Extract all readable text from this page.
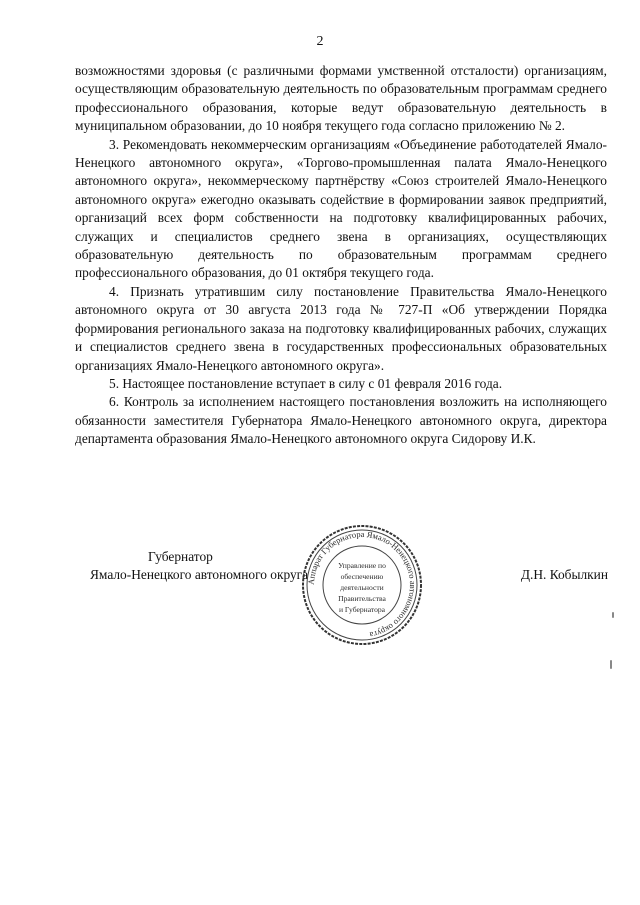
2

возможностями здоровья (с различными формами умственной отсталости) организациям, осуществляющим образовательную деятельность по образовательным программам среднего профессионального образования, которые ведут образовательную деятельность в муниципальном образовании, до 10 ноября текущего года согласно приложению № 2.

3. Рекомендовать некоммерческим организациям «Объединение работодателей Ямало-Ненецкого автономного округа», «Торгово-промышленная палата Ямало-Ненецкого автономного округа», некоммерческому партнёрству «Союз строителей Ямало-Ненецкого автономного округа» ежегодно оказывать содействие в формировании заявок предприятий, организаций всех форм собственности на подготовку квалифицированных рабочих, служащих и специалистов среднего звена в организациях, осуществляющих образовательную деятельность по образовательным программам среднего профессионального образования, до 01 октября текущего года.

4. Признать утратившим силу постановление Правительства Ямало-Ненецкого автономного округа от 30 августа 2013 года № 727-П «Об утверждении Порядка формирования регионального заказа на подготовку квалифицированных рабочих, служащих и специалистов среднего звена в государственных профессиональных образовательных организациях Ямало-Ненецкого автономного округа».

5. Настоящее постановление вступает в силу с 01 февраля 2016 года.

6. Контроль за исполнением настоящего постановления возложить на исполняющего обязанности заместителя Губернатора Ямало-Ненецкого автономного округа, директора департамента образования Ямало-Ненецкого автономного округа Сидорову И.К.

Губернатор
Ямало-Ненецкого автономного округа	Д.Н. Кобылкин
Аппарат Губернатора Ямало-Ненецкого автономного округа
Управление по
обеспечению
деятельности
Правительства
и Губернатора
